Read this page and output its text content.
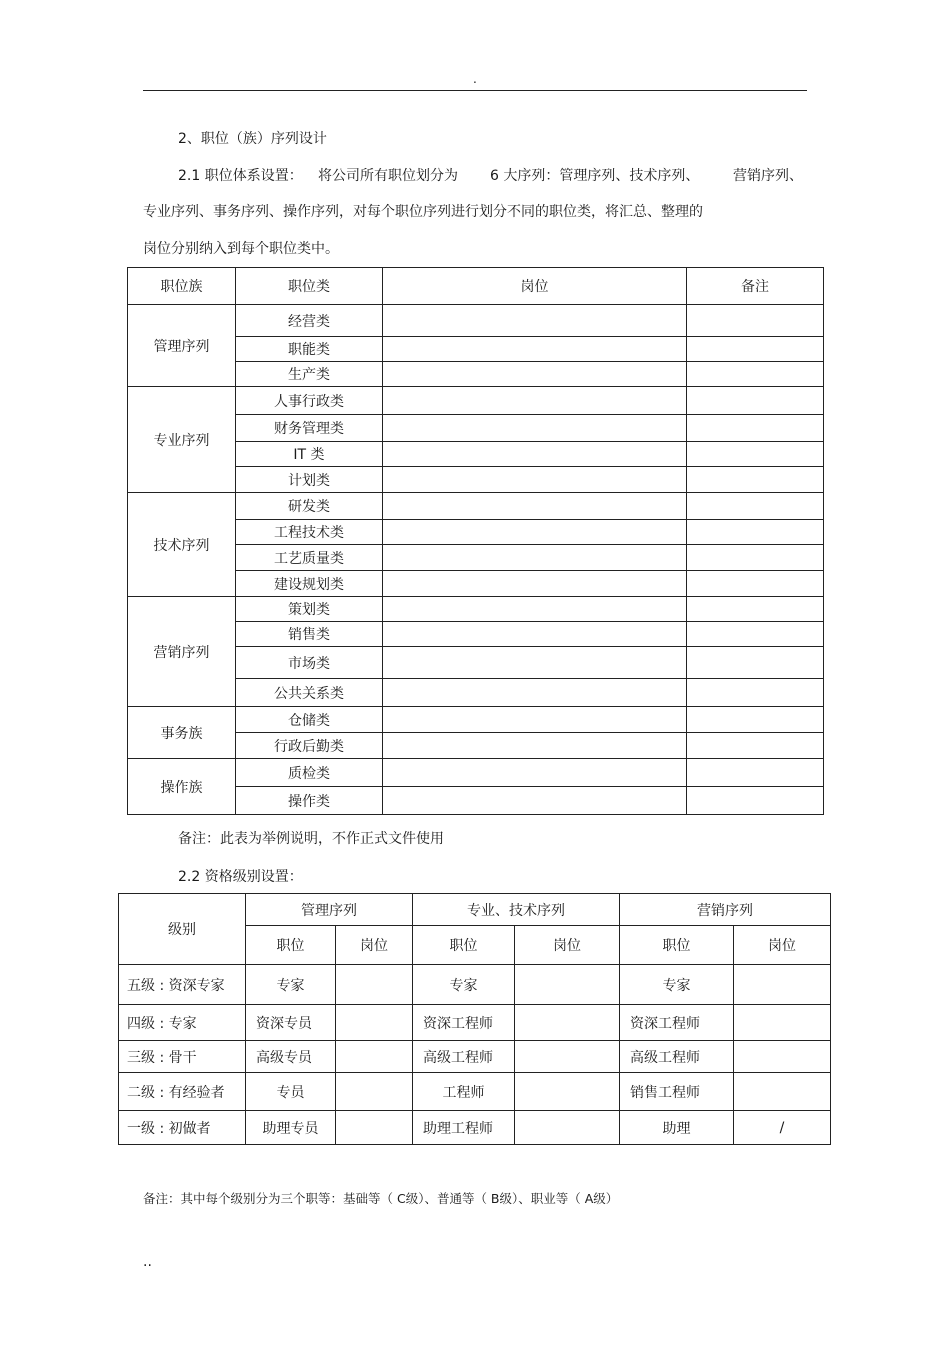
.
2、职位（族）序列设计
2.1 职位体系设置： 将公司所有职位划分为 6 大序列：管理序列、技术序列、 营销序列、
专业序列、事务序列、操作序列，对每个职位序列进行划分不同的职位类，将汇总、整理的
岗位分别纳入到每个职位类中。
职位族	职位类	岗位	备注
管理序列	经营类		
	职能类		
	生产类		
专业序列	人事行政类		
	财务管理类		
	IT 类		
	计划类		
技术序列	研发类		
	工程技术类		
	工艺质量类		
	建设规划类		
营销序列	策划类		
	销售类		
	市场类		
	公共关系类		
事务族	仓储类		
	行政后勤类		
操作族	质检类		
	操作类		
备注：此表为举例说明，不作正式文件使用
2.2 资格级别设置：
级别	管理序列		专业、技术序列		营销序列	
	职位	岗位	职位	岗位	职位	岗位
五级 : 资深专家	专家		专家		专家	
四级 : 专家	资深专员		资深工程师		资深工程师	
三级 : 骨干	高级专员		高级工程师		高级工程师	
二级 : 有经验者	专员		工程师		销售工程师	
一级 : 初做者	助理专员		助理工程师		助理	/
备注：其中每个级别分为三个职等：基础等（ C级）、普通等（ B级）、职业等（ A级）
..
